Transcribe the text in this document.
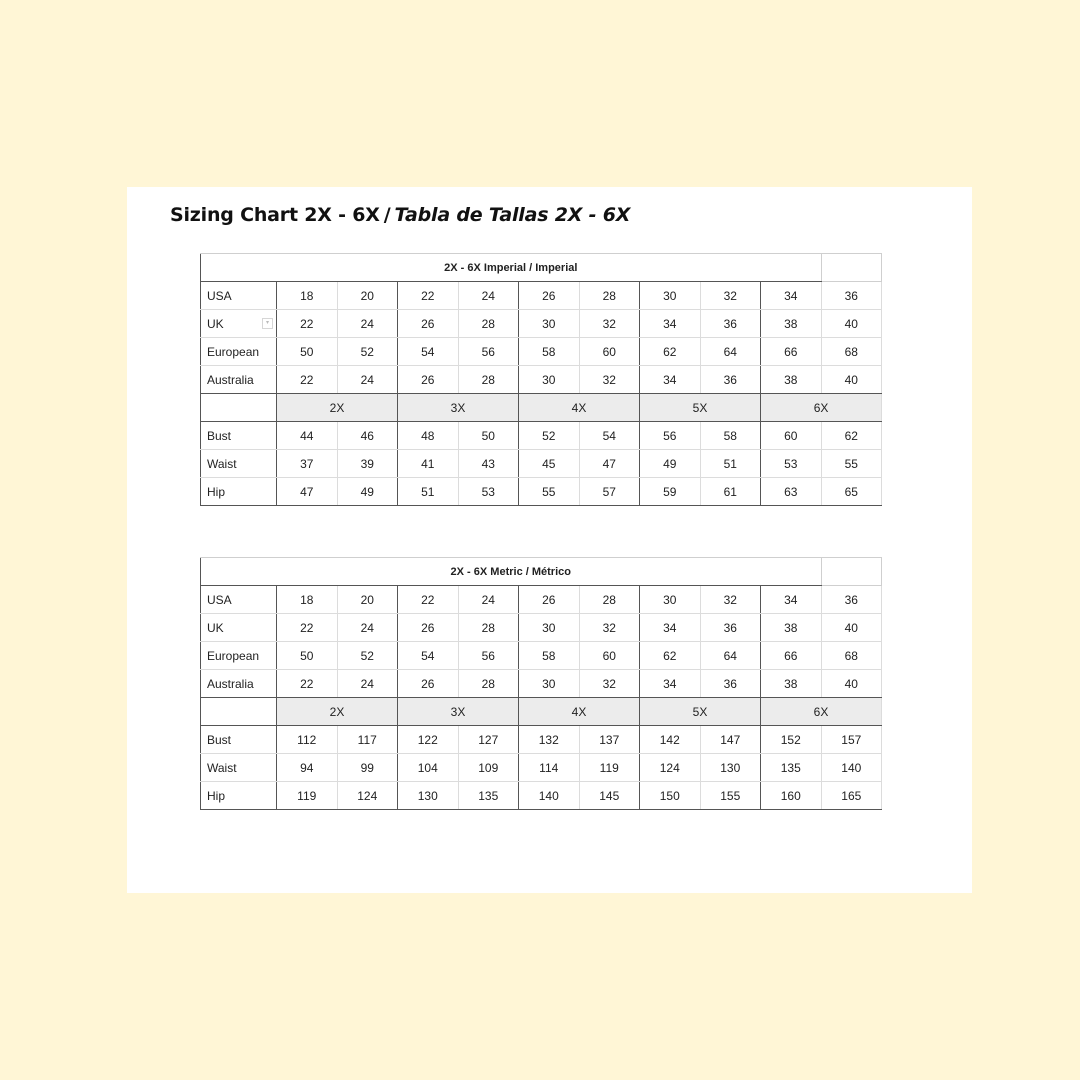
Sizing Chart 2X - 6X / Tabla de Tallas 2X - 6X
2X - 6X Imperial / Imperial										
USA	18	20	22	24	26	28	30	32	34	36
UK ▾	22	24	26	28	30	32	34	36	38	40
European	50	52	54	56	58	60	62	64	66	68
Australia	22	24	26	28	30	32	34	36	38	40
	2X		3X		4X		5X		6X	
Bust	44	46	48	50	52	54	56	58	60	62
Waist	37	39	41	43	45	47	49	51	53	55
Hip	47	49	51	53	55	57	59	61	63	65
2X - 6X Metric / Métrico										
USA	18	20	22	24	26	28	30	32	34	36
UK	22	24	26	28	30	32	34	36	38	40
European	50	52	54	56	58	60	62	64	66	68
Australia	22	24	26	28	30	32	34	36	38	40
	2X		3X		4X		5X		6X	
Bust	112	117	122	127	132	137	142	147	152	157
Waist	94	99	104	109	114	119	124	130	135	140
Hip	119	124	130	135	140	145	150	155	160	165
